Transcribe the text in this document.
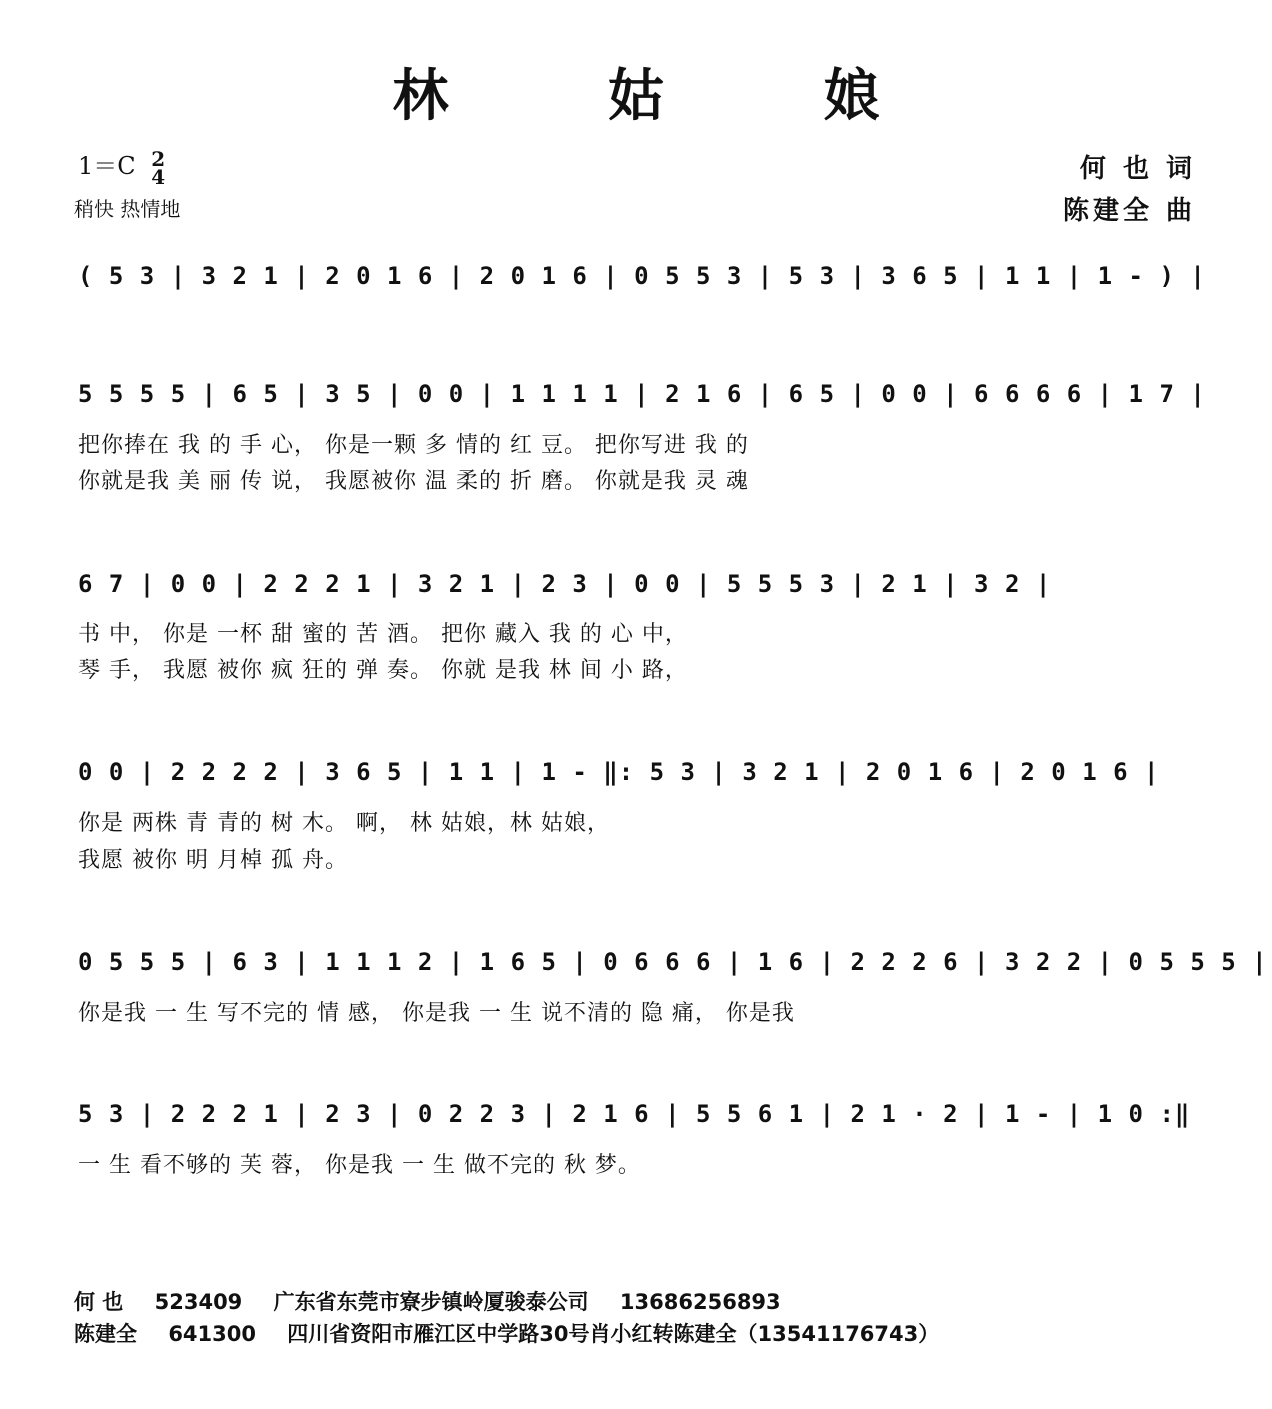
林 姑 娘
1＝C 2
4
稍快 热情地
何 也 词
陈建全 曲
( 5 3 | 3 2 1 | 2 0 1 6 | 2 0 1 6 | 0 5 5 3 | 5 3 | 3 6 5 | 1 1 | 1 - ) |
5 5 5 5 | 6 5 | 3 5 | 0 0 | 1 1 1 1 | 2 1 6 | 6 5 | 0 0 | 6 6 6 6 | 1 7 |
把你捧在 我 的 手 心， 你是一颗 多 情的 红 豆。 把你写进 我 的
你就是我 美 丽 传 说， 我愿被你 温 柔的 折 磨。 你就是我 灵 魂
6 7 | 0 0 | 2 2 2 1 | 3 2 1 | 2 3 | 0 0 | 5 5 5 3 | 2 1 | 3 2 |
书 中， 你是 一杯 甜 蜜的 苦 酒。 把你 藏入 我 的 心 中，
琴 手， 我愿 被你 疯 狂的 弹 奏。 你就 是我 林 间 小 路，
0 0 | 2 2 2 2 | 3 6 5 | 1 1 | 1 - ‖: 5 3 | 3 2 1 | 2 0 1 6 | 2 0 1 6 |
你是 两株 青 青的 树 木。 啊， 林 姑娘，林 姑娘，
我愿 被你 明 月棹 孤 舟。
0 5 5 5 | 6 3 | 1 1 1 2 | 1 6 5 | 0 6 6 6 | 1 6 | 2 2 2 6 | 3 2 2 | 0 5 5 5 |
你是我 一 生 写不完的 情 感， 你是我 一 生 说不清的 隐 痛， 你是我
5 3 | 2 2 2 1 | 2 3 | 0 2 2 3 | 2 1 6 | 5 5 6 1 | 2 1 · 2 | 1 - | 1 0 :‖
一 生 看不够的 芙 蓉， 你是我 一 生 做不完的 秋 梦。
何 也 523409 广东省东莞市寮步镇岭厦骏泰公司 13686256893
陈建全 641300 四川省资阳市雁江区中学路30号肖小红转陈建全（13541176743）
